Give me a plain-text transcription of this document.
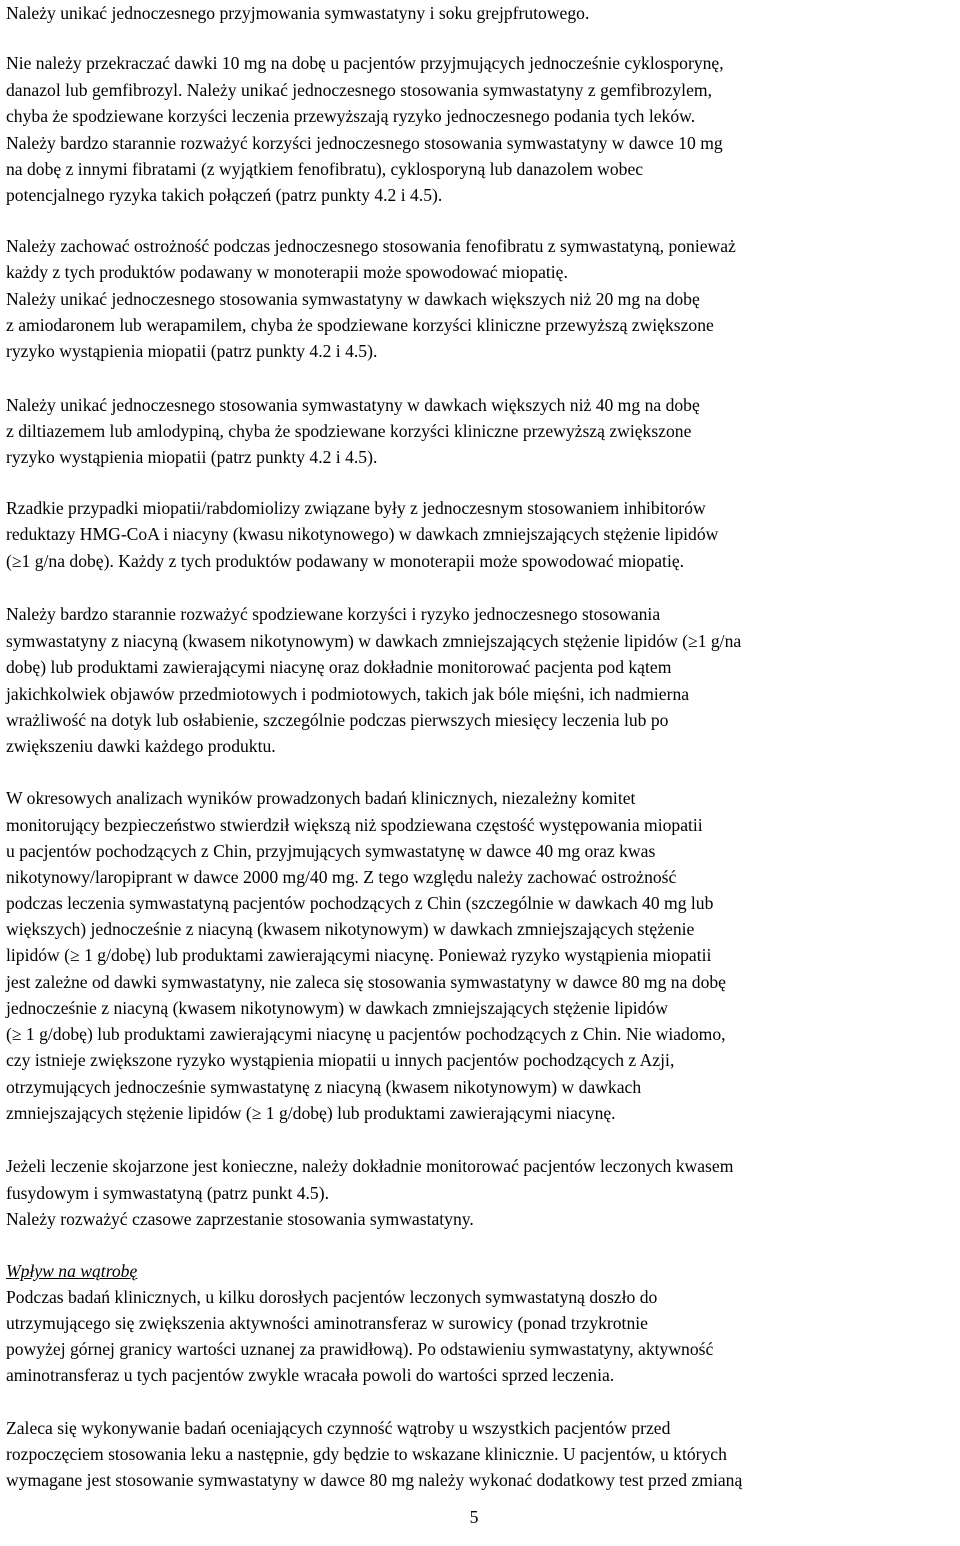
Należy unikać jednoczesnego przyjmowania symwastatyny i soku grejpfrutowego.
Nie należy przekraczać dawki 10 mg na dobę u pacjentów przyjmujących jednocześnie cyklosporynę,
danazol lub gemfibrozyl. Należy unikać jednoczesnego stosowania symwastatyny z gemfibrozylem,
chyba że spodziewane korzyści leczenia przewyższają ryzyko jednoczesnego podania tych leków.
Należy bardzo starannie rozważyć korzyści jednoczesnego stosowania symwastatyny w dawce 10 mg
na dobę z innymi fibratami (z wyjątkiem fenofibratu), cyklosporyną lub danazolem wobec
potencjalnego ryzyka takich połączeń (patrz punkty 4.2 i 4.5).
Należy zachować ostrożność podczas jednoczesnego stosowania fenofibratu z symwastatyną, ponieważ
każdy z tych produktów podawany w monoterapii może spowodować miopatię.
Należy unikać jednoczesnego stosowania symwastatyny w dawkach większych niż 20 mg na dobę
z amiodaronem lub werapamilem, chyba że spodziewane korzyści kliniczne przewyższą zwiększone
ryzyko wystąpienia miopatii (patrz punkty 4.2 i 4.5).
Należy unikać jednoczesnego stosowania symwastatyny w dawkach większych niż 40 mg na dobę
z diltiazemem lub amlodypiną, chyba że spodziewane korzyści kliniczne przewyższą zwiększone
ryzyko wystąpienia miopatii (patrz punkty 4.2 i 4.5).
Rzadkie przypadki miopatii/rabdomiolizy związane były z jednoczesnym stosowaniem inhibitorów
reduktazy HMG-CoA i niacyny (kwasu nikotynowego) w dawkach zmniejszających stężenie lipidów
(≥1 g/na dobę). Każdy z tych produktów podawany w monoterapii może spowodować miopatię.
Należy bardzo starannie rozważyć spodziewane korzyści i ryzyko jednoczesnego stosowania
symwastatyny z niacyną (kwasem nikotynowym) w dawkach zmniejszających stężenie lipidów (≥1 g/na
dobę) lub produktami zawierającymi niacynę oraz dokładnie monitorować pacjenta pod kątem
jakichkolwiek objawów przedmiotowych i podmiotowych, takich jak bóle mięśni, ich nadmierna
wrażliwość na dotyk lub osłabienie, szczególnie podczas pierwszych miesięcy leczenia lub po
zwiększeniu dawki każdego produktu.
W okresowych analizach wyników prowadzonych badań klinicznych, niezależny komitet
monitorujący bezpieczeństwo stwierdził większą niż spodziewana częstość występowania miopatii
u pacjentów pochodzących z Chin, przyjmujących symwastatynę w dawce 40 mg oraz kwas
nikotynowy/laropiprant w dawce 2000 mg/40 mg. Z tego względu należy zachować ostrożność
podczas leczenia symwastatyną pacjentów pochodzących z Chin (szczególnie w dawkach 40 mg lub
większych) jednocześnie z niacyną (kwasem nikotynowym) w dawkach zmniejszających stężenie
lipidów (≥ 1 g/dobę) lub produktami zawierającymi niacynę. Ponieważ ryzyko wystąpienia miopatii
jest zależne od dawki symwastatyny, nie zaleca się stosowania symwastatyny w dawce 80 mg na dobę
jednocześnie z niacyną (kwasem nikotynowym) w dawkach zmniejszających stężenie lipidów
(≥ 1 g/dobę) lub produktami zawierającymi niacynę u pacjentów pochodzących z Chin. Nie wiadomo,
czy istnieje zwiększone ryzyko wystąpienia miopatii u innych pacjentów pochodzących z Azji,
otrzymujących jednocześnie symwastatynę z niacyną (kwasem nikotynowym) w dawkach
zmniejszających stężenie lipidów (≥ 1 g/dobę) lub produktami zawierającymi niacynę.
Jeżeli leczenie skojarzone jest konieczne, należy dokładnie monitorować pacjentów leczonych kwasem
fusydowym i symwastatyną (patrz punkt 4.5).
Należy rozważyć czasowe zaprzestanie stosowania symwastatyny.
Wpływ na wątrobę
Podczas badań klinicznych, u kilku dorosłych pacjentów leczonych symwastatyną doszło do
utrzymującego się zwiększenia aktywności aminotransferaz w surowicy (ponad trzykrotnie
powyżej górnej granicy wartości uznanej za prawidłową). Po odstawieniu symwastatyny, aktywność
aminotransferaz u tych pacjentów zwykle wracała powoli do wartości sprzed leczenia.
Zaleca się wykonywanie badań oceniających czynność wątroby u wszystkich pacjentów przed
rozpoczęciem stosowania leku a następnie, gdy będzie to wskazane klinicznie. U pacjentów, u których
wymagane jest stosowanie symwastatyny w dawce 80 mg należy wykonać dodatkowy test przed zmianą
5
